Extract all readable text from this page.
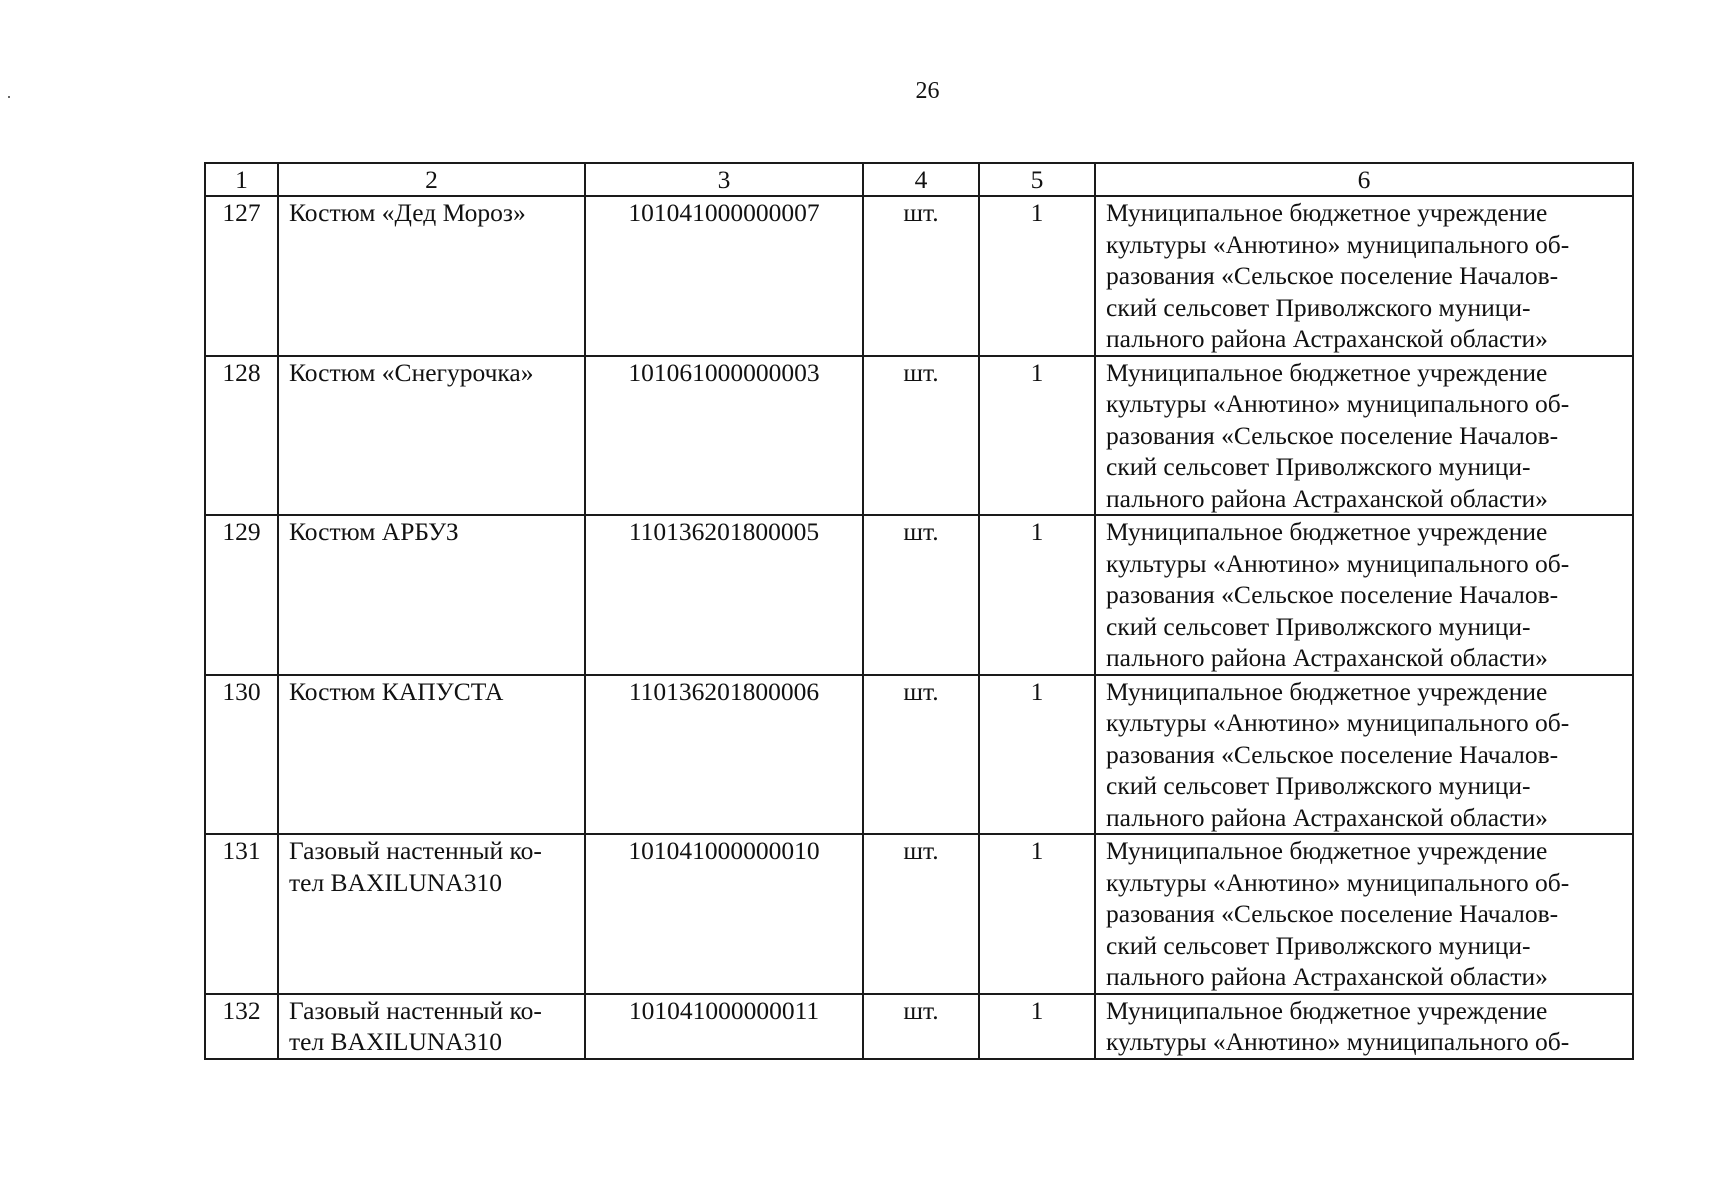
26
1	2	3	4	5	6
127	Костюм «Дед Мороз»	101041000000007	шт.	1	Муниципальное бюджетное учреждение
культуры «Анютино» муниципального об-
разования «Сельское поселение Началов-
ский сельсовет Приволжского муници-
пального района Астраханской области»

128	Костюм «Снегурочка»	101061000000003	шт.	1	Муниципальное бюджетное учреждение
культуры «Анютино» муниципального об-
разования «Сельское поселение Началов-
ский сельсовет Приволжского муници-
пального района Астраханской области»

129	Костюм АРБУЗ	110136201800005	шт.	1	Муниципальное бюджетное учреждение
культуры «Анютино» муниципального об-
разования «Сельское поселение Началов-
ский сельсовет Приволжского муници-
пального района Астраханской области»

130	Костюм КАПУСТА	110136201800006	шт.	1	Муниципальное бюджетное учреждение
культуры «Анютино» муниципального об-
разования «Сельское поселение Началов-
ский сельсовет Приволжского муници-
пального района Астраханской области»

131	Газовый настенный ко-
тел BAXILUNA310	101041000000010	шт.	1	Муниципальное бюджетное учреждение
культуры «Анютино» муниципального об-
разования «Сельское поселение Началов-
ский сельсовет Приволжского муници-
пального района Астраханской области»

132	Газовый настенный ко-
тел BAXILUNA310	101041000000011	шт.	1	Муниципальное бюджетное учреждение
культуры «Анютино» муниципального об-
